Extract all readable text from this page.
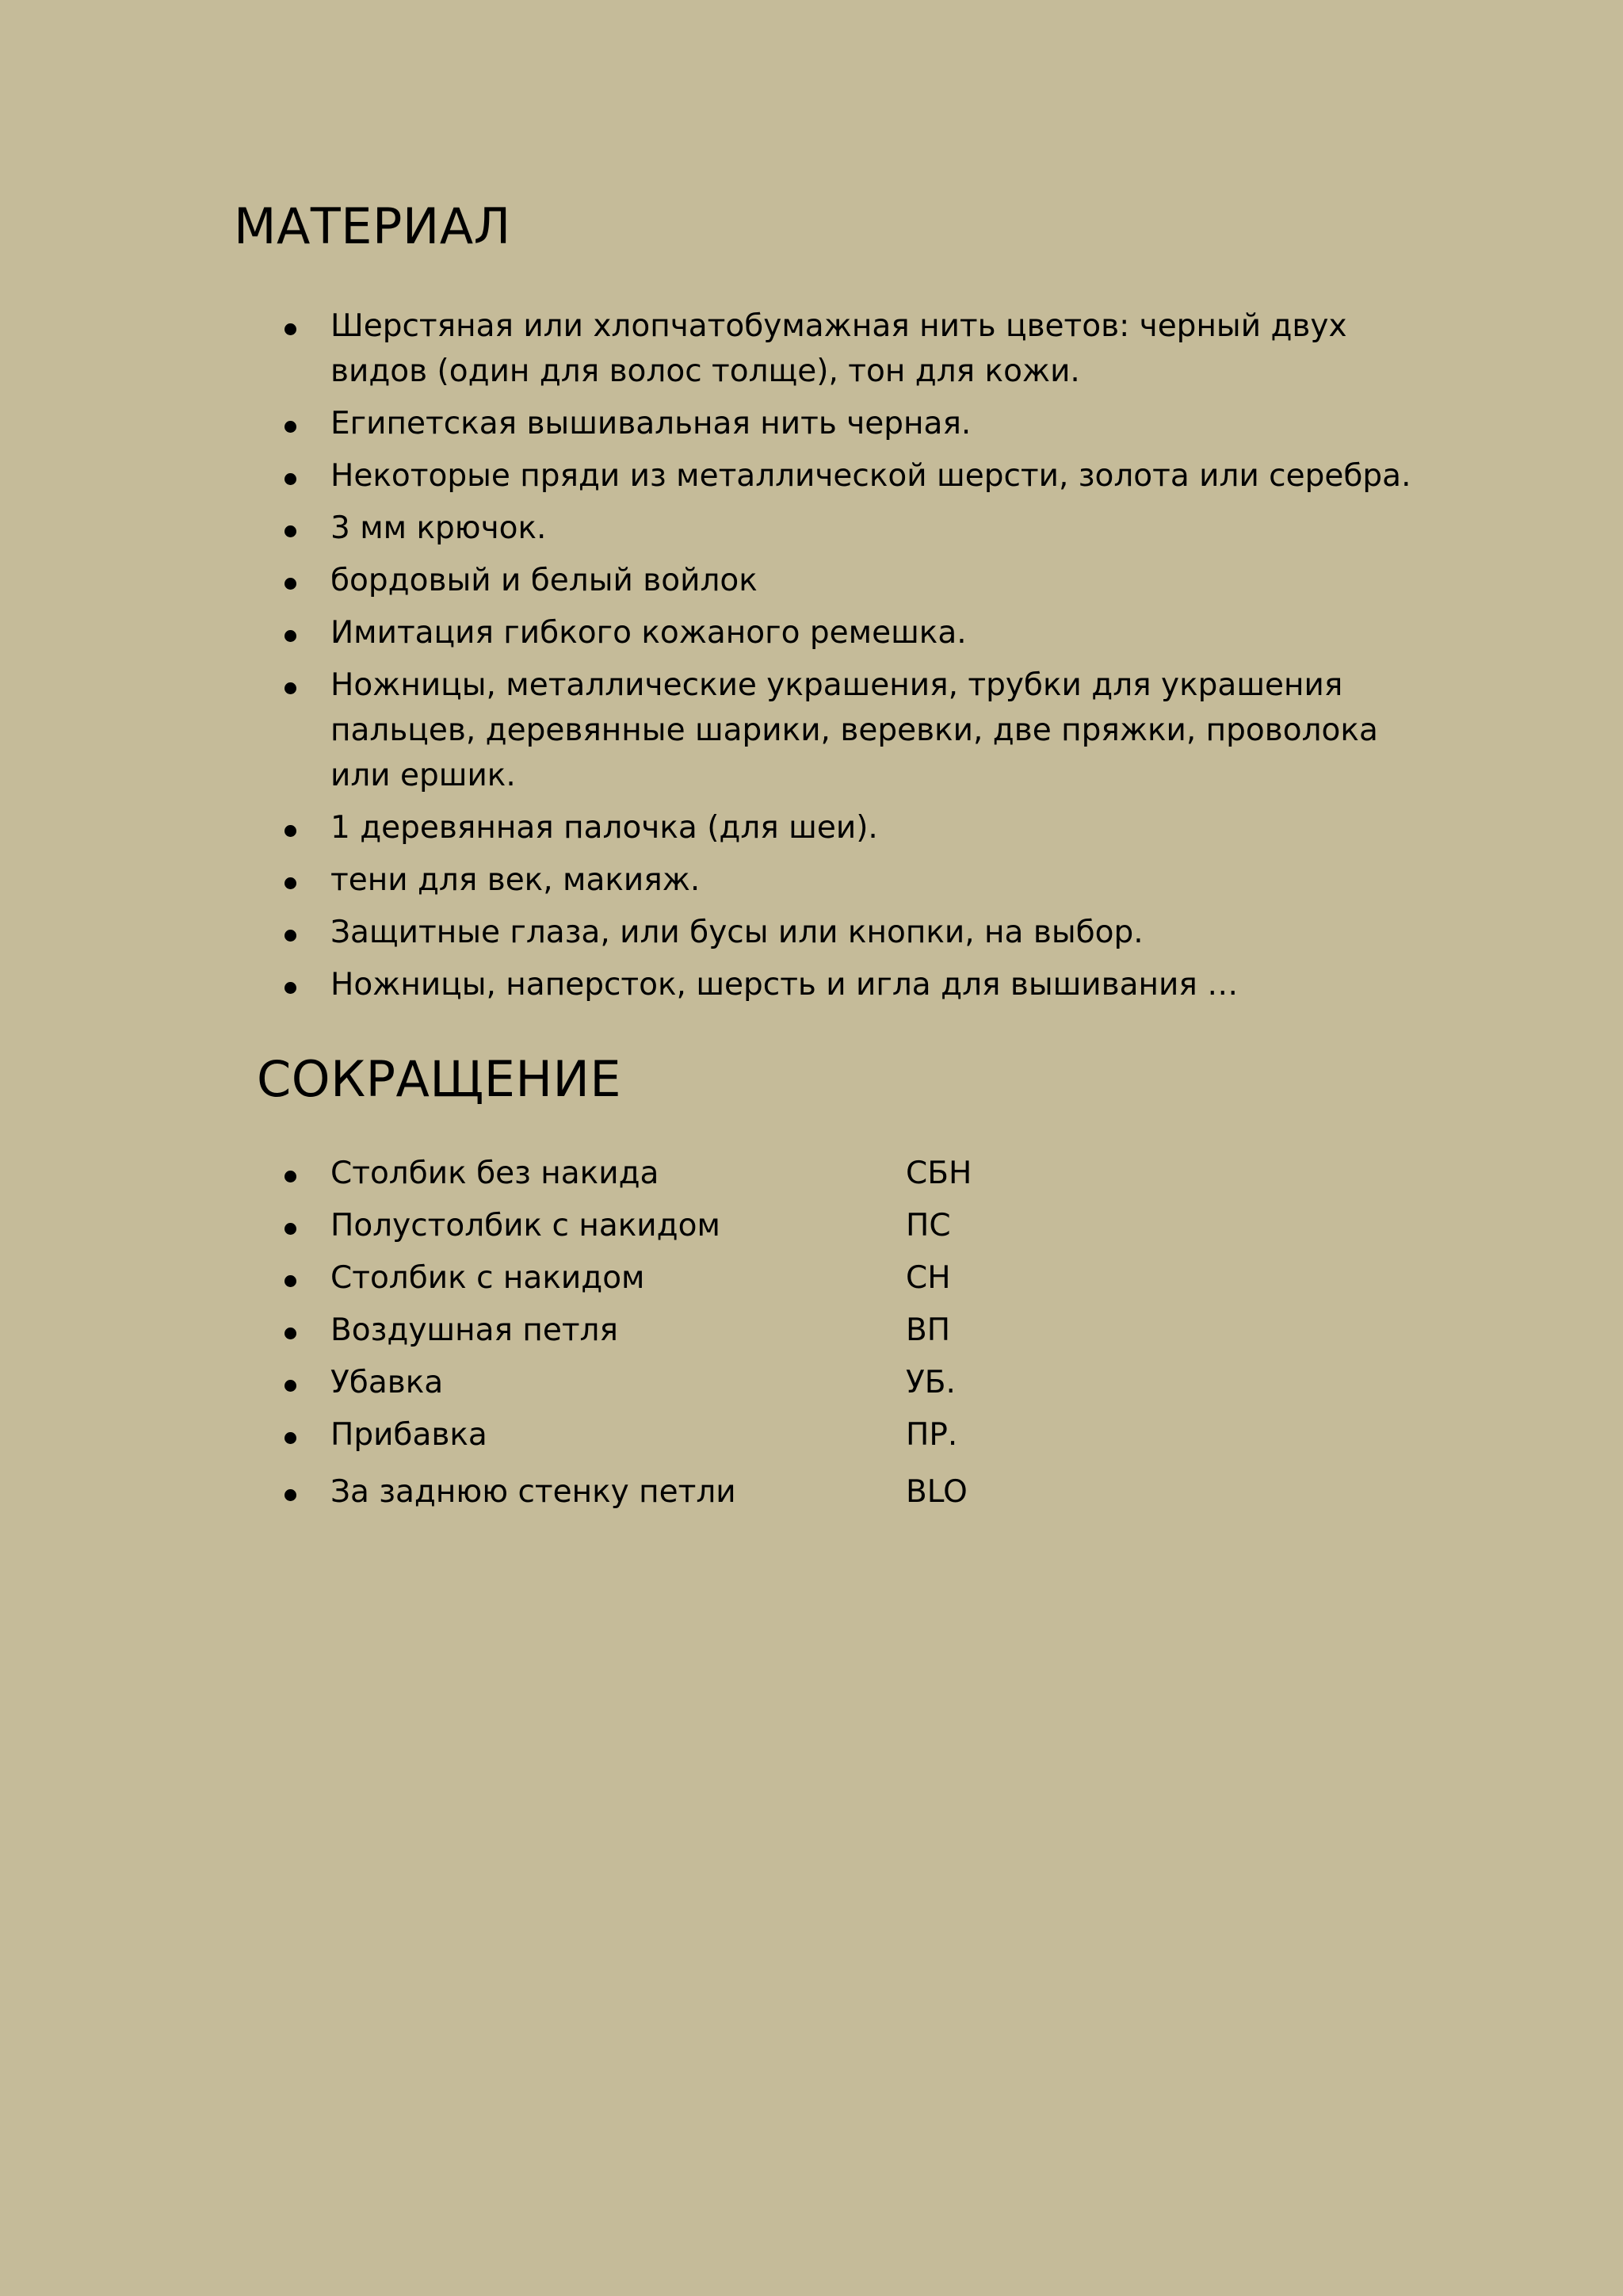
МАТЕРИАЛ
Шерстяная или хлопчатобумажная нить цветов: черный двух видов (один для волос толще), тон для кожи.
Египетская вышивальная нить черная.
Некоторые пряди из металлической шерсти, золота или серебра.
3 мм крючок.
бордовый и белый войлок
Имитация гибкого кожаного ремешка.
Ножницы, металлические украшения, трубки для украшения пальцев, деревянные шарики, веревки, две пряжки, проволока или ершик.
1 деревянная палочка (для шеи).
тени для век, макияж.
Защитные глаза, или бусы или кнопки, на выбор.
Ножницы, наперсток, шерсть и игла для вышивания …
СОКРАЩЕНИЕ
Столбик без накида	СБН
Полустолбик с накидом	ПС
Столбик с накидом	СН
Воздушная петля	ВП
Убавка	УБ.
Прибавка	ПР.
За заднюю стенку петли	BLO
